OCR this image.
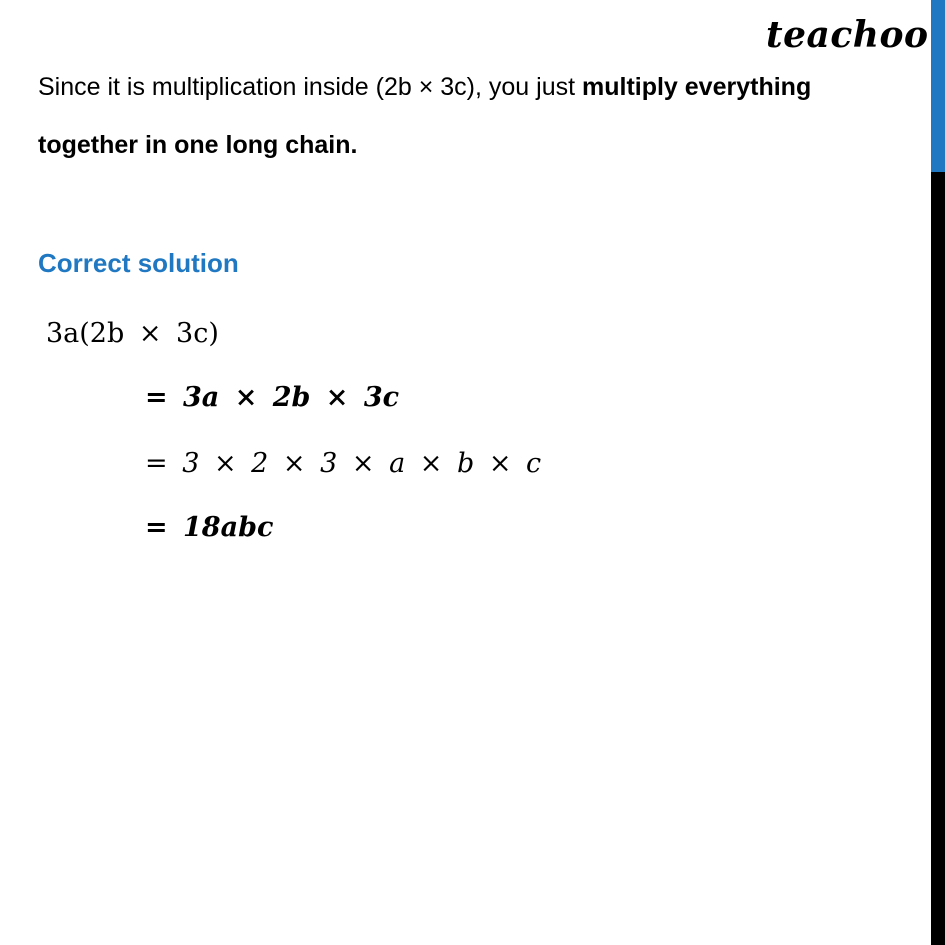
teachoo

Since it is multiplication inside (2b × 3c), you just multiply everything together in one long chain.

Correct solution

3a(2b × 3c)

= 3a × 2b × 3c

= 3 × 2 × 3 × a × b × c

= 18abc
